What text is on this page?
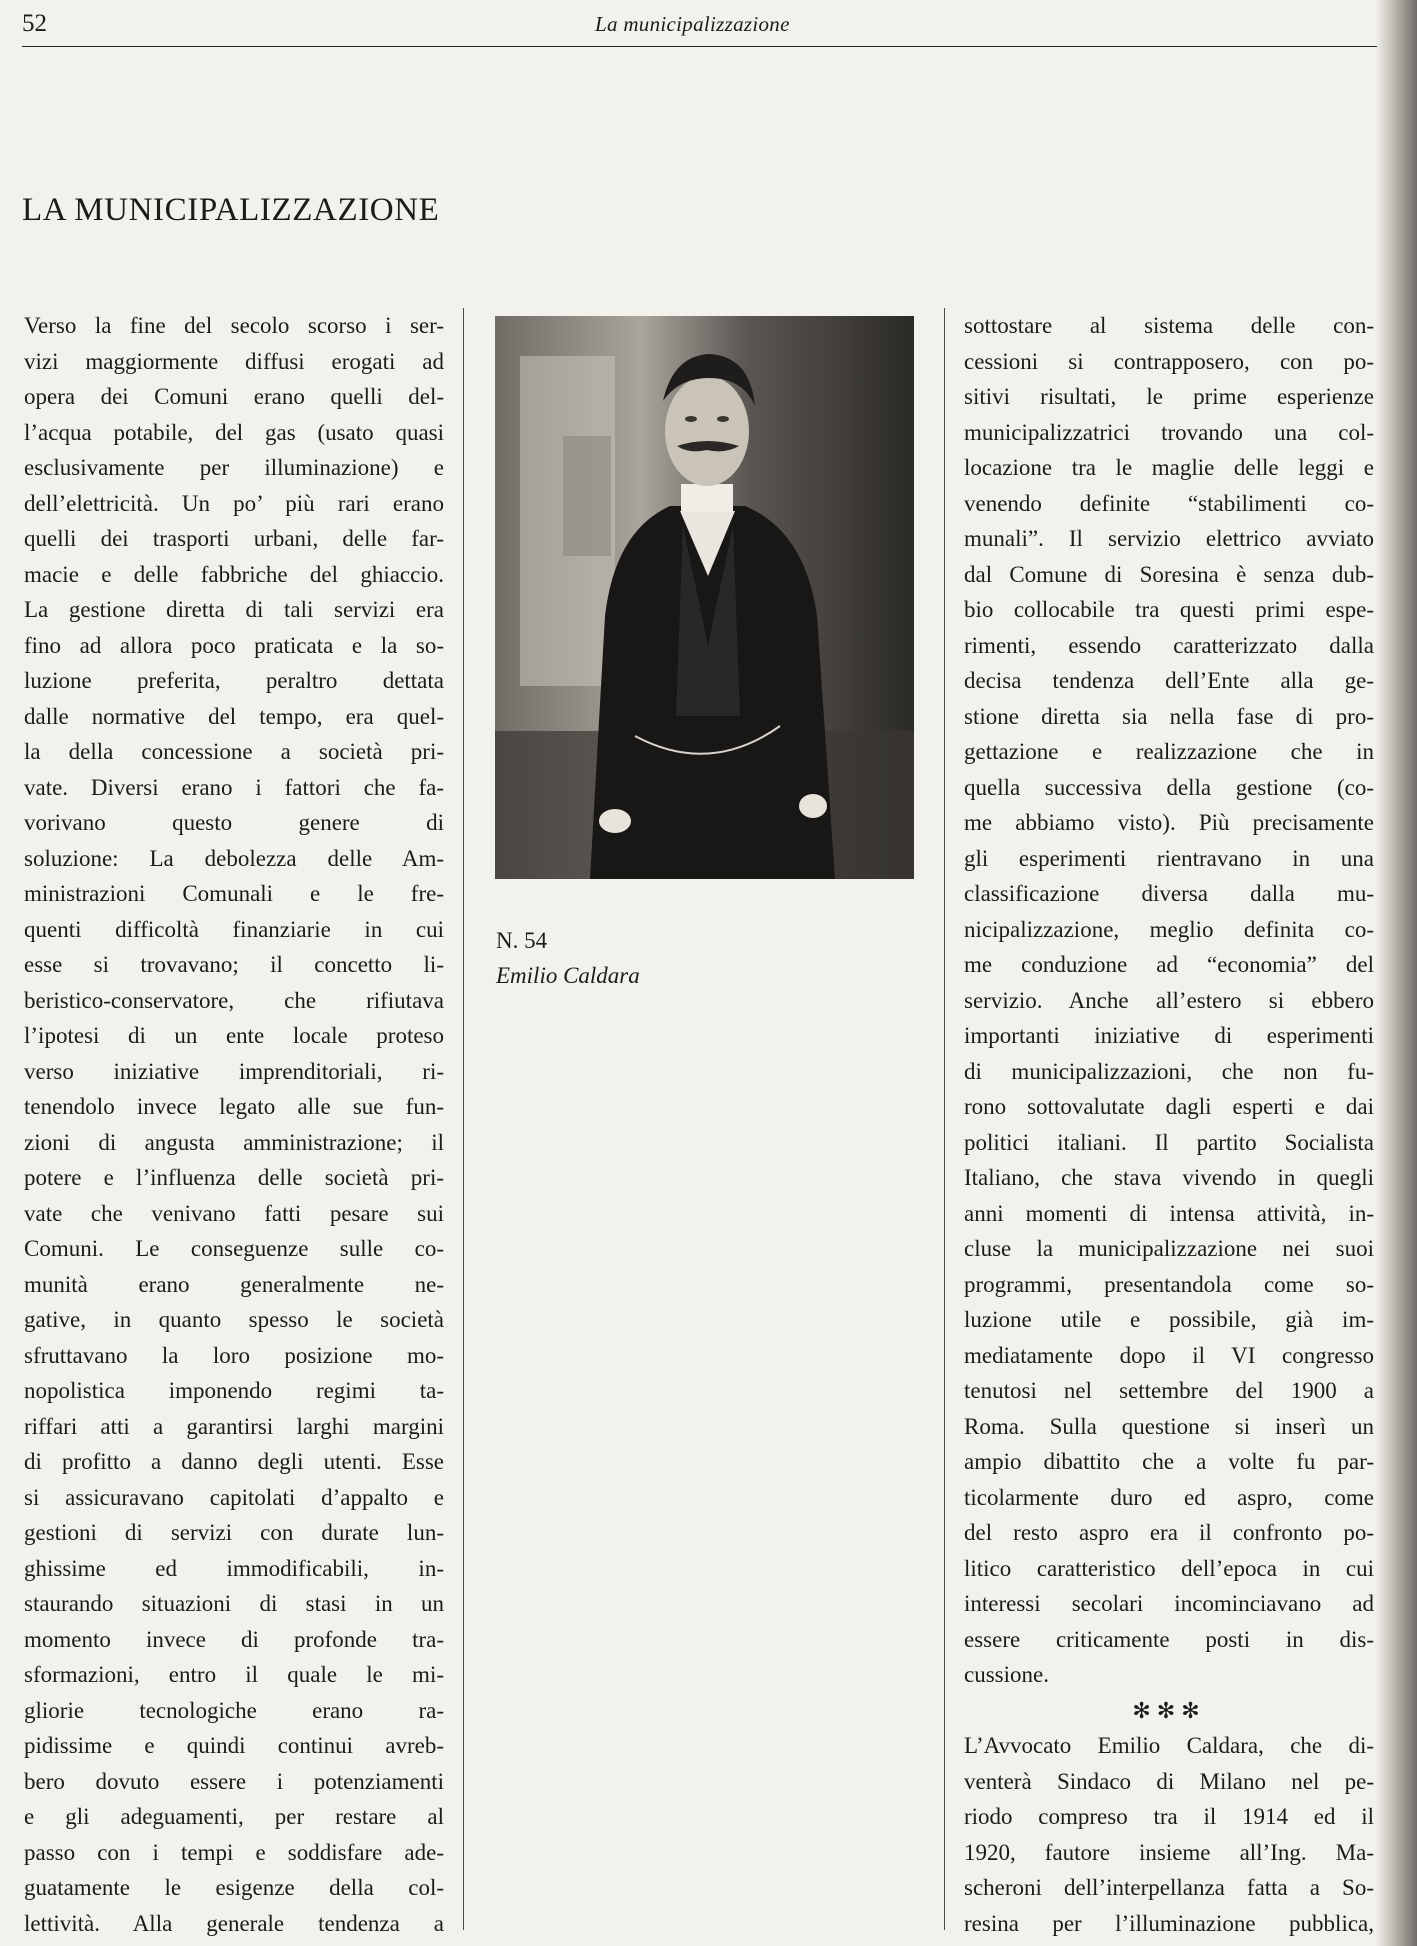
52	La municipalizzazione
LA MUNICIPALIZZAZIONE
Verso la fine del secolo scorso i ser-
vizi maggiormente diffusi erogati ad
opera dei Comuni erano quelli del-
l’acqua potabile, del gas (usato quasi
esclusivamente per illuminazione) e
dell’elettricità. Un po’ più rari erano
quelli dei trasporti urbani, delle far-
macie e delle fabbriche del ghiaccio.
La gestione diretta di tali servizi era
fino ad allora poco praticata e la so-
luzione preferita, peraltro dettata
dalle normative del tempo, era quel-
la della concessione a società pri-
vate. Diversi erano i fattori che fa-
vorivano questo genere di
soluzione: La debolezza delle Am-
ministrazioni Comunali e le fre-
quenti difficoltà finanziarie in cui
esse si trovavano; il concetto li-
beristico-conservatore, che rifiutava
l’ipotesi di un ente locale proteso
verso iniziative imprenditoriali, ri-
tenendolo invece legato alle sue fun-
zioni di angusta amministrazione; il
potere e l’influenza delle società pri-
vate che venivano fatti pesare sui
Comuni. Le conseguenze sulle co-
munità erano generalmente ne-
gative, in quanto spesso le società
sfruttavano la loro posizione mo-
nopolistica imponendo regimi ta-
riffari atti a garantirsi larghi margini
di profitto a danno degli utenti. Esse
si assicuravano capitolati d’appalto e
gestioni di servizi con durate lun-
ghissime ed immodificabili, in-
staurando situazioni di stasi in un
momento invece di profonde tra-
sformazioni, entro il quale le mi-
gliorie tecnologiche erano ra-
pidissime e quindi continui avreb-
bero dovuto essere i potenziamenti
e gli adeguamenti, per restare al
passo con i tempi e soddisfare ade-
guatamente le esigenze della col-
lettività. Alla generale tendenza a
N. 54
Emilio Caldara
sottostare al sistema delle con-
cessioni si contrapposero, con po-
sitivi risultati, le prime esperienze
municipalizzatrici trovando una col-
locazione tra le maglie delle leggi e
venendo definite “stabilimenti co-
munali”. Il servizio elettrico avviato
dal Comune di Soresina è senza dub-
bio collocabile tra questi primi espe-
rimenti, essendo caratterizzato dalla
decisa tendenza dell’Ente alla ge-
stione diretta sia nella fase di pro-
gettazione e realizzazione che in
quella successiva della gestione (co-
me abbiamo visto). Più precisamente
gli esperimenti rientravano in una
classificazione diversa dalla mu-
nicipalizzazione, meglio definita co-
me conduzione ad “economia” del
servizio. Anche all’estero si ebbero
importanti iniziative di esperimenti
di municipalizzazioni, che non fu-
rono sottovalutate dagli esperti e dai
politici italiani. Il partito Socialista
Italiano, che stava vivendo in quegli
anni momenti di intensa attività, in-
cluse la municipalizzazione nei suoi
programmi, presentandola come so-
luzione utile e possibile, già im-
mediatamente dopo il VI congresso
tenutosi nel settembre del 1900 a
Roma. Sulla questione si inserì un
ampio dibattito che a volte fu par-
ticolarmente duro ed aspro, come
del resto aspro era il confronto po-
litico caratteristico dell’epoca in cui
interessi secolari incominciavano ad
essere criticamente posti in dis-
cussione.
✻✻✻
L’Avvocato Emilio Caldara, che di-
venterà Sindaco di Milano nel pe-
riodo compreso tra il 1914 ed il
1920, fautore insieme all’Ing. Ma-
scheroni dell’interpellanza fatta a So-
resina per l’illuminazione pubblica,
